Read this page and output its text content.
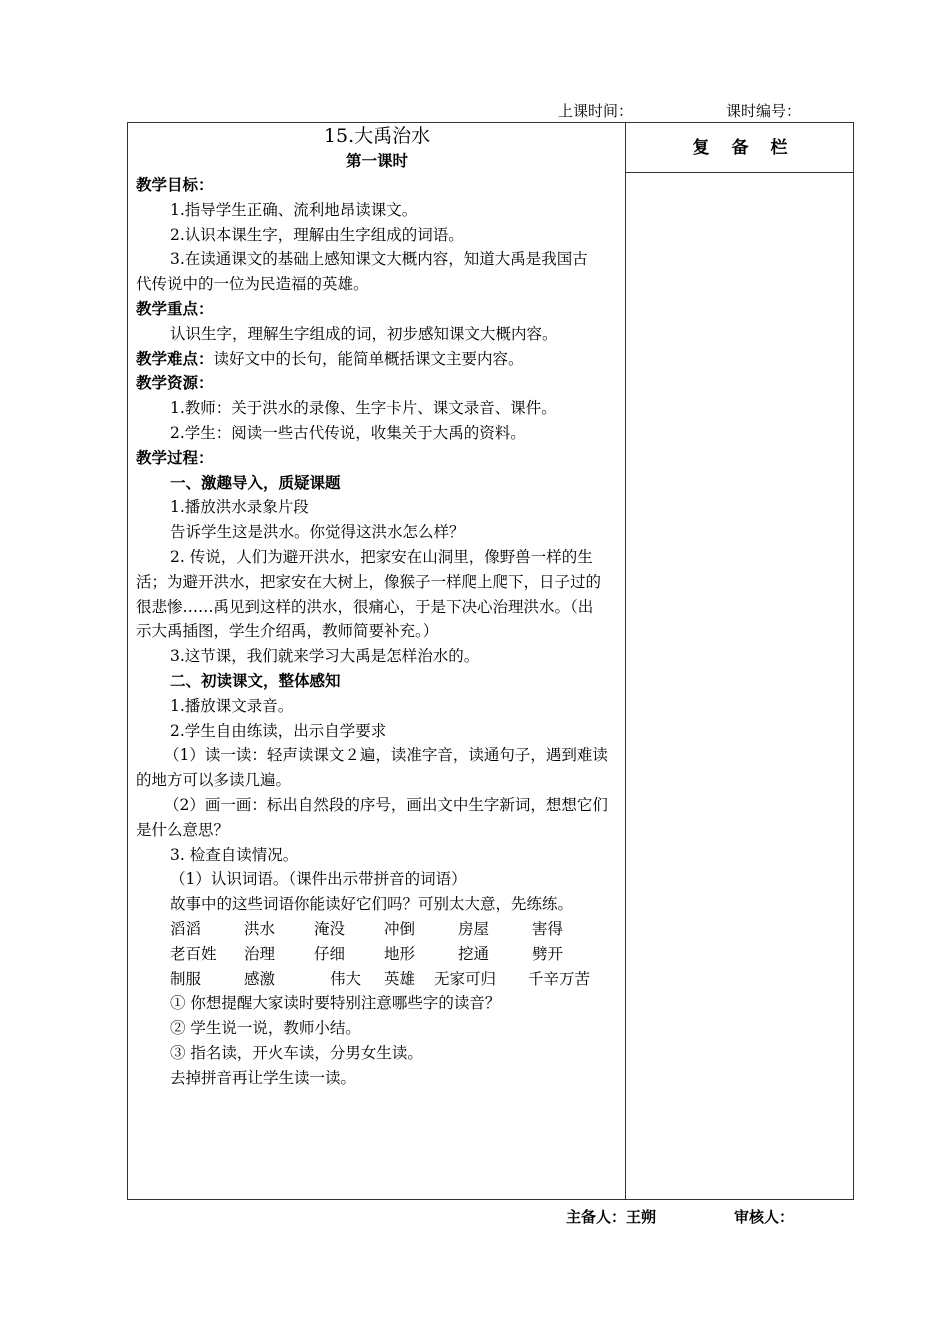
上课时间：	课时编号：
复备栏
15.大禹治水
第一课时
教学目标：
1.指导学生正确、流利地昂读课文。
2.认识本课生字，理解由生字组成的词语。
3.在读通课文的基础上感知课文大概内容，知道大禹是我国古
代传说中的一位为民造福的英雄。
教学重点：
认识生字，理解生字组成的词，初步感知课文大概内容。
教学难点：读好文中的长句，能简单概括课文主要内容。
教学资源：
1.教师：关于洪水的录像、生字卡片、课文录音、课件。
2.学生：阅读一些古代传说，收集关于大禹的资料。
教学过程：
一、激趣导入，质疑课题
1.播放洪水录象片段
告诉学生这是洪水。你觉得这洪水怎么样？
2. 传说，人们为避开洪水，把家安在山洞里，像野兽一样的生
活；为避开洪水，把家安在大树上，像猴子一样爬上爬下，日子过的
很悲惨……禹见到这样的洪水，很痛心，于是下决心治理洪水。（出
示大禹插图，学生介绍禹，教师简要补充。）
3.这节课，我们就来学习大禹是怎样治水的。
二、初读课文，整体感知
1.播放课文录音。
2.学生自由练读，出示自学要求
（1）读一读：轻声读课文２遍，读准字音，读通句子，遇到难读
的地方可以多读几遍。
（2）画一画：标出自然段的序号，画出文中生字新词，想想它们
是什么意思？
3. 检查自读情况。
（1）认识词语。（课件出示带拼音的词语）
故事中的这些词语你能读好它们吗？可别太大意，先练练。
滔滔	洪水	淹没	冲倒	房屋	害得
老百姓	治理	仔细	地形	挖通	劈开
制服	感激	伟大	英雄	无家可归	千辛万苦
① 你想提醒大家读时要特别注意哪些字的读音？
② 学生说一说，教师小结。
③ 指名读，开火车读，分男女生读。
去掉拼音再让学生读一读。
主备人：王朔	审核人：
